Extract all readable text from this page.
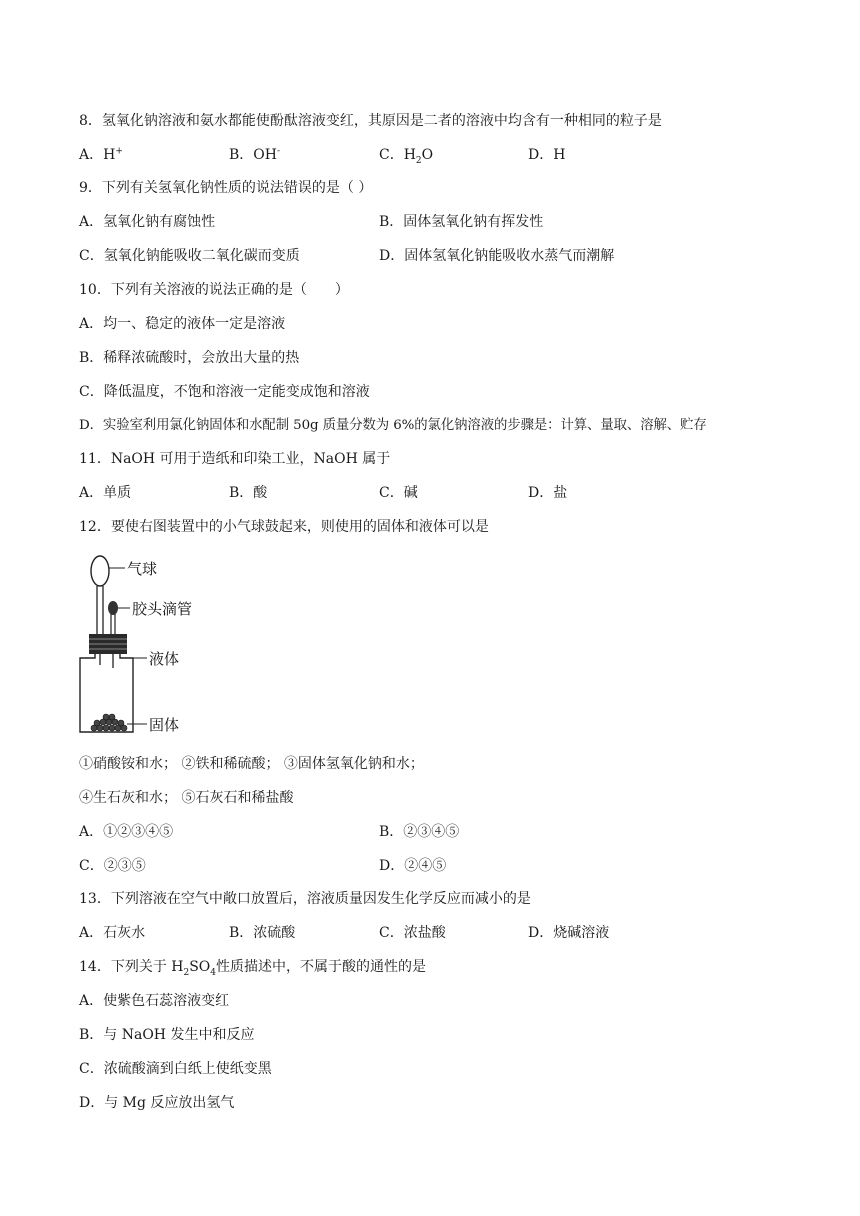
8．氢氧化钠溶液和氨水都能使酚酞溶液变红，其原因是二者的溶液中均含有一种相同的粒子是
A．H+	B．OH-	C．$H_2O$	D．H
9．下列有关氢氧化钠性质的说法错误的是（ ）
A．氢氧化钠有腐蚀性	B．固体氢氧化钠有挥发性
C．氢氧化钠能吸收二氧化碳而变质	D．固体氢氧化钠能吸收水蒸气而潮解
10．下列有关溶液的说法正确的是（　　）
A．均一、稳定的液体一定是溶液
B．稀释浓硫酸时，会放出大量的热
C．降低温度，不饱和溶液一定能变成饱和溶液
D．实验室利用氯化钠固体和水配制 50g 质量分数为 6%的氯化钠溶液的步骤是：计算、量取、溶解、贮存
11．NaOH 可用于造纸和印染工业，NaOH 属于
A．单质	B．酸	C．碱	D．盐
12．要使右图装置中的小气球鼓起来，则使用的固体和液体可以是
气球
胶头滴管
液体
固体
①硝酸铵和水； ②铁和稀硫酸； ③固体氢氧化钠和水；
④生石灰和水； ⑤石灰石和稀盐酸
A．①②③④⑤	B．②③④⑤
C．②③⑤	D．②④⑤
13．下列溶液在空气中敞口放置后，溶液质量因发生化学反应而减小的是
A．石灰水	B．浓硫酸	C．浓盐酸	D．烧碱溶液
14．下列关于 $H_2SO_4$性质描述中，不属于酸的通性的是
A．使紫色石蕊溶液变红
B．与 NaOH 发生中和反应
C．浓硫酸滴到白纸上使纸变黑
D．与 Mg 反应放出氢气
